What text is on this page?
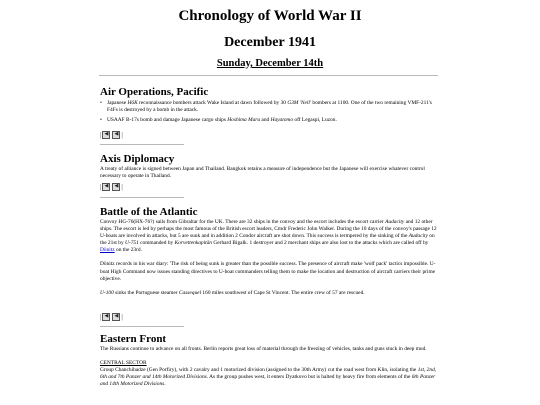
Chronology of World War II
December 1941
Sunday, December 14th
Air Operations, Pacific
• Japanese H6K reconnaissance bombers attack Wake Island at dawn followed by 30 G3M 'Nell' bombers at 1100. One of the two remaining VMF-211's F4Fs is destroyed by a bomb in the attack.
• USAAF B-17s bomb and damage Japanese cargo ships Hoshima Maru and Hayatomo off Legaspi, Luzon.
| ◀ ◀ |
Axis Diplomacy

A treaty of alliance is signed between Japan and Thailand. Bangkok retains a measure of independence but the Japanese will exercise whatever control necessary to operate in Thailand.

| ◀ ◀ |
Battle of the Atlantic

Convoy HG-76(HX-76?) sails from Gibraltar for the UK. There are 32 ships in the convoy and the escort includes the escort carrier Audacity and 12 other ships. The escort is led by perhaps the most famous of the British escort leaders, Cmdr Frederic John Walker. During the 10 days of the convoy's passage 12 U-boats are involved in attacks, but 5 are sunk and in addition 2 Condor aircraft are shot down. This success is termpered by the sinking of the Audacity on the 21st by U-751 commanded by Korvettenkapitän Gerhard Bigalk. 1 destroyer and 2 merchant ships are also lost to the attacks which are called off by Dönitz on the 23rd.

Dönitz records in his war diary: 'The risk of being sunk is greater than the possible success. The presence of aircraft make 'wolf pack' tactics impossible. U-boat High Command now issues standing directives to U-boat commanders telling them to make the location and destruction of aircraft carriers their prime objective.

U-100 sinks the Portuguese steamer Cassequel 160 miles southwest of Cape St Vincent. The entire crew of 57 are rescued.

| ◀ ◀ |
Eastern Front

The Russians continue to advance on all fronts. Berlin reports great loss of material through the freezing of vehicles, tanks and guns stuck in deep mud.

CENTRAL SECTOR

Group Chanchibadze (Gen Porfiry), with 2 cavalry and 1 motorized division (assigned to the 30th Army) cut the road west from Klin, isolating the 1st, 2nd, 6th and 7th Panzer and 14th Motorized Divisions. As the group pushes west, it enters Dyatkovo but is halted by heavy fire from elements of the 6th Panzer and 14th Motorized Divisions.
